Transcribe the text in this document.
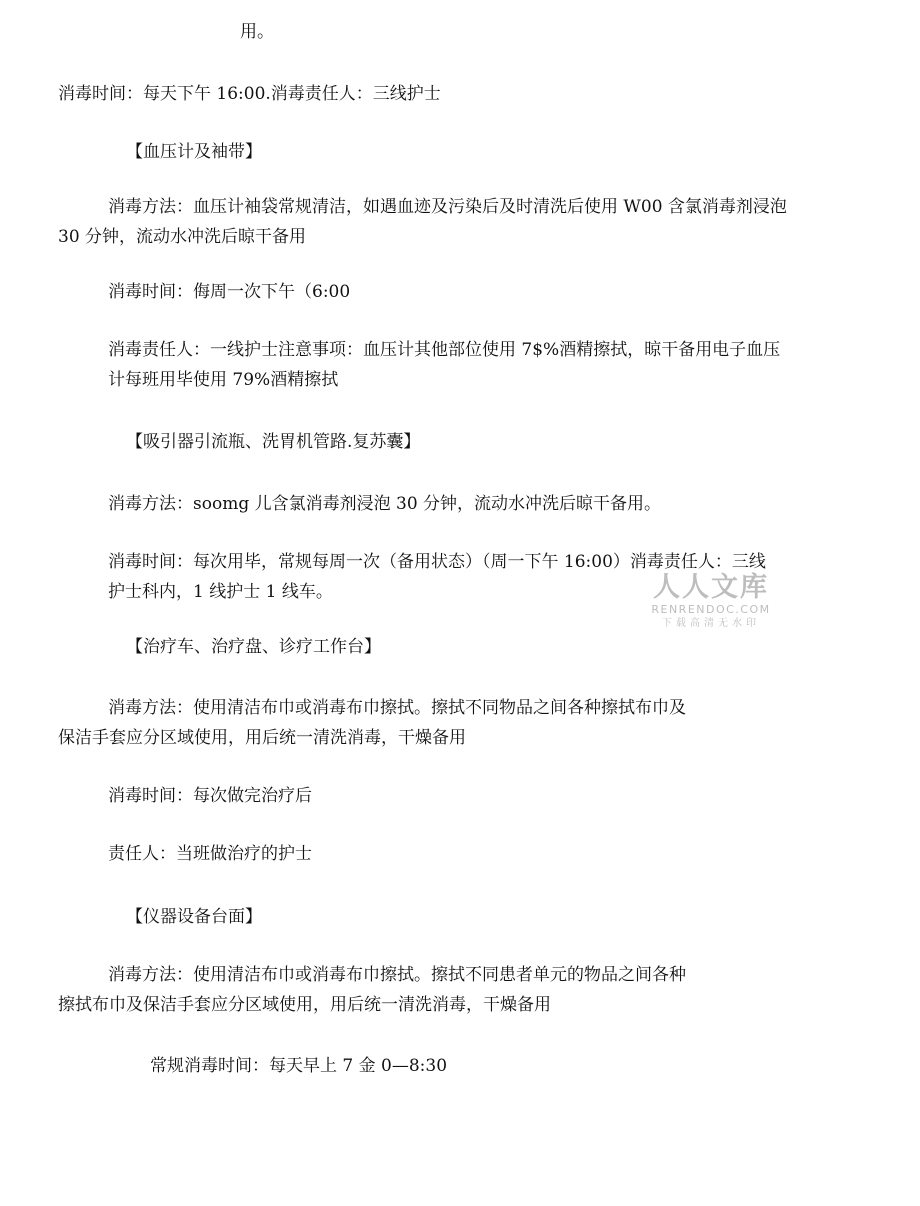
用。

消毒时间：每天下午 16:00.消毒责任人：三线护士

【血压计及袖带】

消毒方法：血压计袖袋常规清洁，如遇血迹及污染后及时清洗后使用 W00 含氯消毒剂浸泡

30 分钟，流动水冲洗后晾干备用

消毒时间：侮周一次下午（6:00

消毒责任人：一线护士注意事项：血压计其他部位使用 7$%酒精擦拭，晾干备用电子血压

计每班用毕使用 79%酒精擦拭

【吸引器引流瓶、洗胃机管路.复苏囊】

消毒方法：soomg 儿含氯消毒剂浸泡 30 分钟，流动水冲洗后晾干备用。

消毒时间：每次用毕，常规每周一次（备用状态）（周一下午 16:00）消毒责任人：三线

护士科内，1 线护士 1 线车。

【治疗车、治疗盘、诊疗工作台】

消毒方法：使用清洁布巾或消毒布巾擦拭。擦拭不同物品之间各种擦拭布巾及

保洁手套应分区域使用，用后统一清洗消毒，干燥备用

消毒时间：每次做完治疗后

责任人：当班做治疗的护士

【仪器设备台面】

消毒方法：使用清洁布巾或消毒布巾擦拭。擦拭不同患者单元的物品之间各种

擦拭布巾及保洁手套应分区域使用，用后统一清洗消毒，干燥备用

常规消毒时间：每天早上 7 金 0—8:30

人人文库
RENRENDOC.COM
下载高清无水印
